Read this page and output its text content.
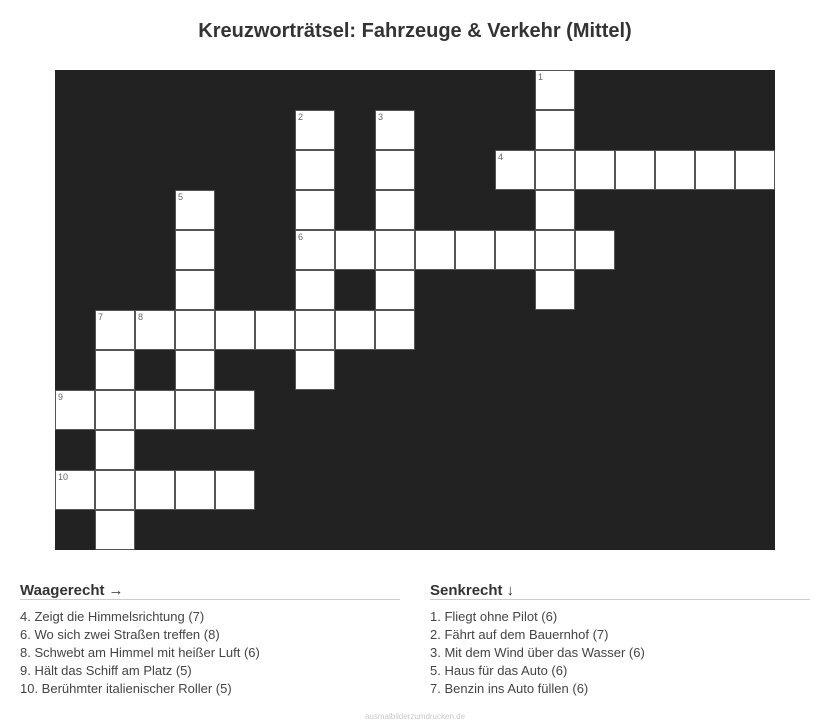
Kreuzworträtsel: Fahrzeuge & Verkehr (Mittel)
1
2	3
4
5
6
7	8
9
10
Waagerecht →
4. Zeigt die Himmelsrichtung (7)
6. Wo sich zwei Straßen treffen (8)
8. Schwebt am Himmel mit heißer Luft (6)
9. Hält das Schiff am Platz (5)
10. Berühmter italienischer Roller (5)
Senkrecht ↓
1. Fliegt ohne Pilot (6)
2. Fährt auf dem Bauernhof (7)
3. Mit dem Wind über das Wasser (6)
5. Haus für das Auto (6)
7. Benzin ins Auto füllen (6)
ausmalbilderzumdrucken.de
